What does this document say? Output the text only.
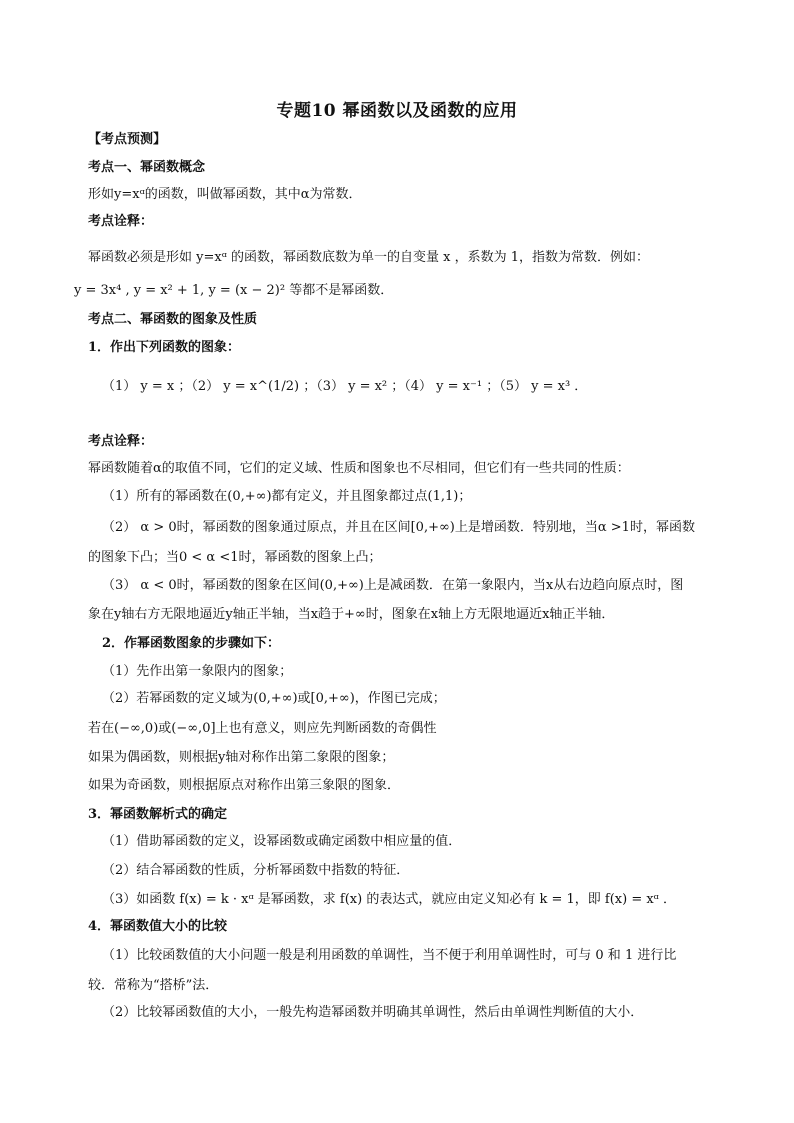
专题10 幂函数以及函数的应用
【考点预测】
考点一、幂函数概念
形如y=xᵅ的函数，叫做幂函数，其中α为常数．
考点诠释：
幂函数必须是形如 y=xᵅ 的函数，幂函数底数为单一的自变量 x ，系数为 1，指数为常数．例如：
y = 3x⁴ , y = x² + 1, y = (x − 2)² 等都不是幂函数．
考点二、幂函数的图象及性质
1．作出下列函数的图象：
（1） y = x ；（2） y = x^(1/2) ；（3） y = x² ；（4） y = x⁻¹ ；（5） y = x³ ．
考点诠释：
幂函数随着α的取值不同，它们的定义域、性质和图象也不尽相同，但它们有一些共同的性质：
（1）所有的幂函数在(0,+∞)都有定义，并且图象都过点(1,1)；
（2） α > 0时，幂函数的图象通过原点，并且在区间[0,+∞)上是增函数．特别地，当α >1时，幂函数
的图象下凸；当0 < α <1时，幂函数的图象上凸；
（3） α < 0时，幂函数的图象在区间(0,+∞)上是减函数．在第一象限内，当x从右边趋向原点时，图
象在y轴右方无限地逼近y轴正半轴，当x趋于+∞时，图象在x轴上方无限地逼近x轴正半轴．
2．作幂函数图象的步骤如下：
（1）先作出第一象限内的图象；
（2）若幂函数的定义域为(0,+∞)或[0,+∞)，作图已完成；
若在(−∞,0)或(−∞,0]上也有意义，则应先判断函数的奇偶性
如果为偶函数，则根据y轴对称作出第二象限的图象；
如果为奇函数，则根据原点对称作出第三象限的图象．
3．幂函数解析式的确定
（1）借助幂函数的定义，设幂函数或确定函数中相应量的值．
（2）结合幂函数的性质，分析幂函数中指数的特征．
（3）如函数 f(x) = k · xᵅ 是幂函数，求 f(x) 的表达式，就应由定义知必有 k = 1，即 f(x) = xᵅ ．
4．幂函数值大小的比较
（1）比较函数值的大小问题一般是利用函数的单调性，当不便于利用单调性时，可与 0 和 1 进行比
较．常称为“搭桥”法．
（2）比较幂函数值的大小，一般先构造幂函数并明确其单调性，然后由单调性判断值的大小．
